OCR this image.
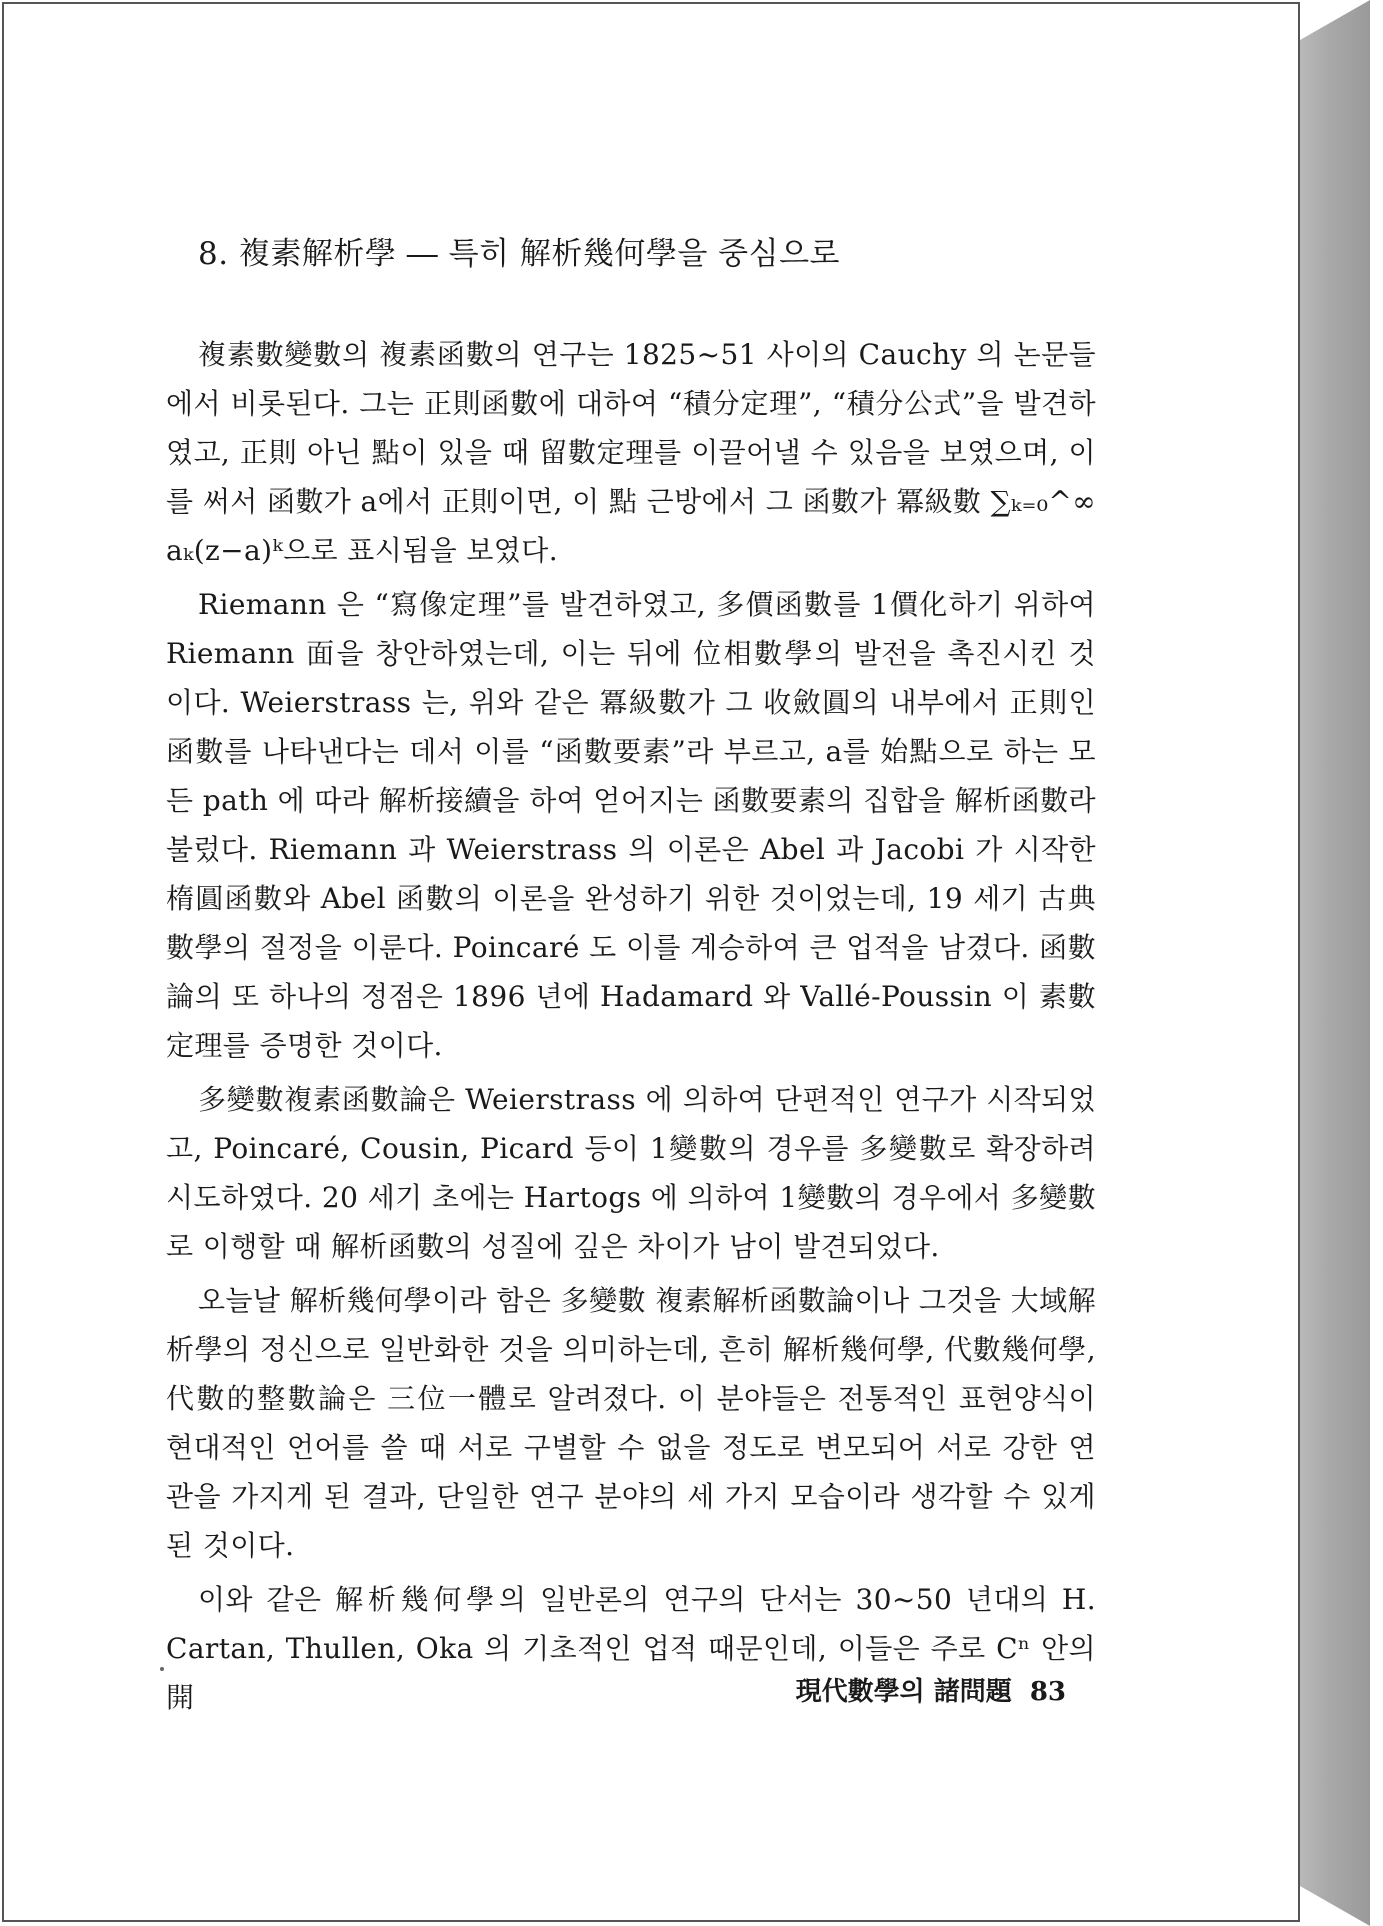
8. 複素解析學 ― 특히 解析幾何學을 중심으로

複素數變數의 複素函數의 연구는 1825~51 사이의 Cauchy 의 논문들에서 비롯된다. 그는 正則函數에 대하여 “積分定理”, “積分公式”을 발견하였고, 正則 아닌 點이 있을 때 留數定理를 이끌어낼 수 있음을 보였으며, 이를 써서 函數가 a에서 正則이면, 이 點 근방에서 그 函數가 冪級數 ∑ₖ₌₀^∞ aₖ(z−a)ᵏ으로 표시됨을 보였다.

Riemann 은 “寫像定理”를 발견하였고, 多價函數를 1價化하기 위하여 Riemann 面을 창안하였는데, 이는 뒤에 位相數學의 발전을 촉진시킨 것이다. Weierstrass 는, 위와 같은 冪級數가 그 收斂圓의 내부에서 正則인 函數를 나타낸다는 데서 이를 “函數要素”라 부르고, a를 始點으로 하는 모든 path 에 따라 解析接續을 하여 얻어지는 函數要素의 집합을 解析函數라 불렀다. Riemann 과 Weierstrass 의 이론은 Abel 과 Jacobi 가 시작한 楕圓函數와 Abel 函數의 이론을 완성하기 위한 것이었는데, 19 세기 古典數學의 절정을 이룬다. Poincaré 도 이를 계승하여 큰 업적을 남겼다. 函數論의 또 하나의 정점은 1896 년에 Hadamard 와 Vallé-Poussin 이 素數定理를 증명한 것이다.

多變數複素函數論은 Weierstrass 에 의하여 단편적인 연구가 시작되었고, Poincaré, Cousin, Picard 등이 1變數의 경우를 多變數로 확장하려 시도하였다. 20 세기 초에는 Hartogs 에 의하여 1變數의 경우에서 多變數로 이행할 때 解析函數의 성질에 깊은 차이가 남이 발견되었다.

오늘날 解析幾何學이라 함은 多變數 複素解析函數論이나 그것을 大域解析學의 정신으로 일반화한 것을 의미하는데, 흔히 解析幾何學, 代數幾何學, 代數的整數論은 三位一體로 알려졌다. 이 분야들은 전통적인 표현양식이 현대적인 언어를 쓸 때 서로 구별할 수 없을 정도로 변모되어 서로 강한 연관을 가지게 된 결과, 단일한 연구 분야의 세 가지 모습이라 생각할 수 있게 된 것이다.

이와 같은 解析幾何學의 일반론의 연구의 단서는 30~50 년대의 H. Cartan, Thullen, Oka 의 기초적인 업적 때문인데, 이들은 주로 Cⁿ 안의 開	現代數學의 諸問題 83
